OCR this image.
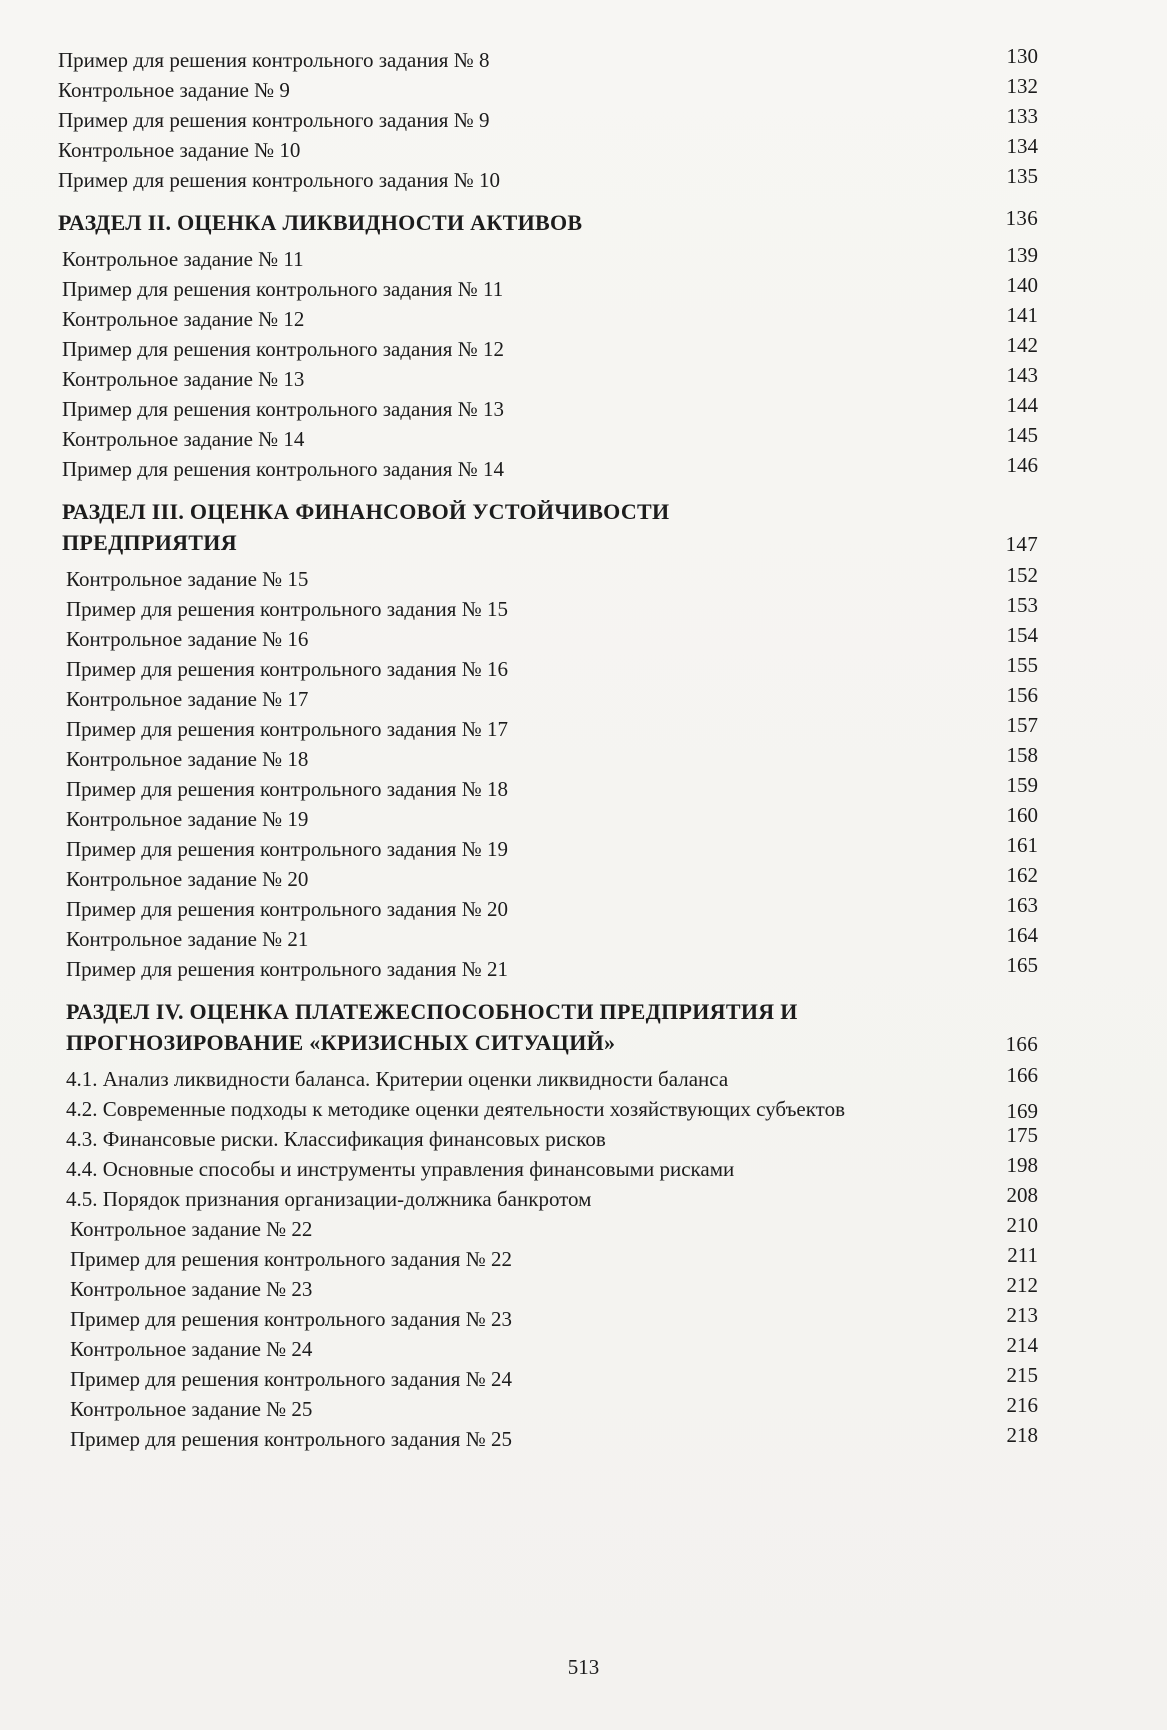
Пример для решения контрольного задания № 8	130
Контрольное задание № 9	132
Пример для решения контрольного задания № 9	133
Контрольное задание № 10	134
Пример для решения контрольного задания № 10	135
РАЗДЕЛ II. ОЦЕНКА ЛИКВИДНОСТИ АКТИВОВ	136
Контрольное задание № 11	139
Пример для решения контрольного задания № 11	140
Контрольное задание № 12	141
Пример для решения контрольного задания № 12	142
Контрольное задание № 13	143
Пример для решения контрольного задания № 13	144
Контрольное задание № 14	145
Пример для решения контрольного задания № 14	146
РАЗДЕЛ III. ОЦЕНКА ФИНАНСОВОЙ УСТОЙЧИВОСТИ ПРЕДПРИЯТИЯ	147
Контрольное задание № 15	152
Пример для решения контрольного задания № 15	153
Контрольное задание № 16	154
Пример для решения контрольного задания № 16	155
Контрольное задание № 17	156
Пример для решения контрольного задания № 17	157
Контрольное задание № 18	158
Пример для решения контрольного задания № 18	159
Контрольное задание № 19	160
Пример для решения контрольного задания № 19	161
Контрольное задание № 20	162
Пример для решения контрольного задания № 20	163
Контрольное задание № 21	164
Пример для решения контрольного задания № 21	165
РАЗДЕЛ IV. ОЦЕНКА ПЛАТЕЖЕСПОСОБНОСТИ ПРЕДПРИЯТИЯ И ПРОГНОЗИРОВАНИЕ «КРИЗИСНЫХ СИТУАЦИЙ»	166
4.1. Анализ ликвидности баланса. Критерии оценки ликвидности баланса	166
4.2. Современные подходы к методике оценки деятельности хозяйствующих субъектов	169
4.3. Финансовые риски. Классификация финансовых рисков	175
4.4. Основные способы и инструменты управления финансовыми рисками	198
4.5. Порядок признания организации-должника банкротом	208
Контрольное задание № 22	210
Пример для решения контрольного задания № 22	211
Контрольное задание № 23	212
Пример для решения контрольного задания № 23	213
Контрольное задание № 24	214
Пример для решения контрольного задания № 24	215
Контрольное задание № 25	216
Пример для решения контрольного задания № 25	218
513
